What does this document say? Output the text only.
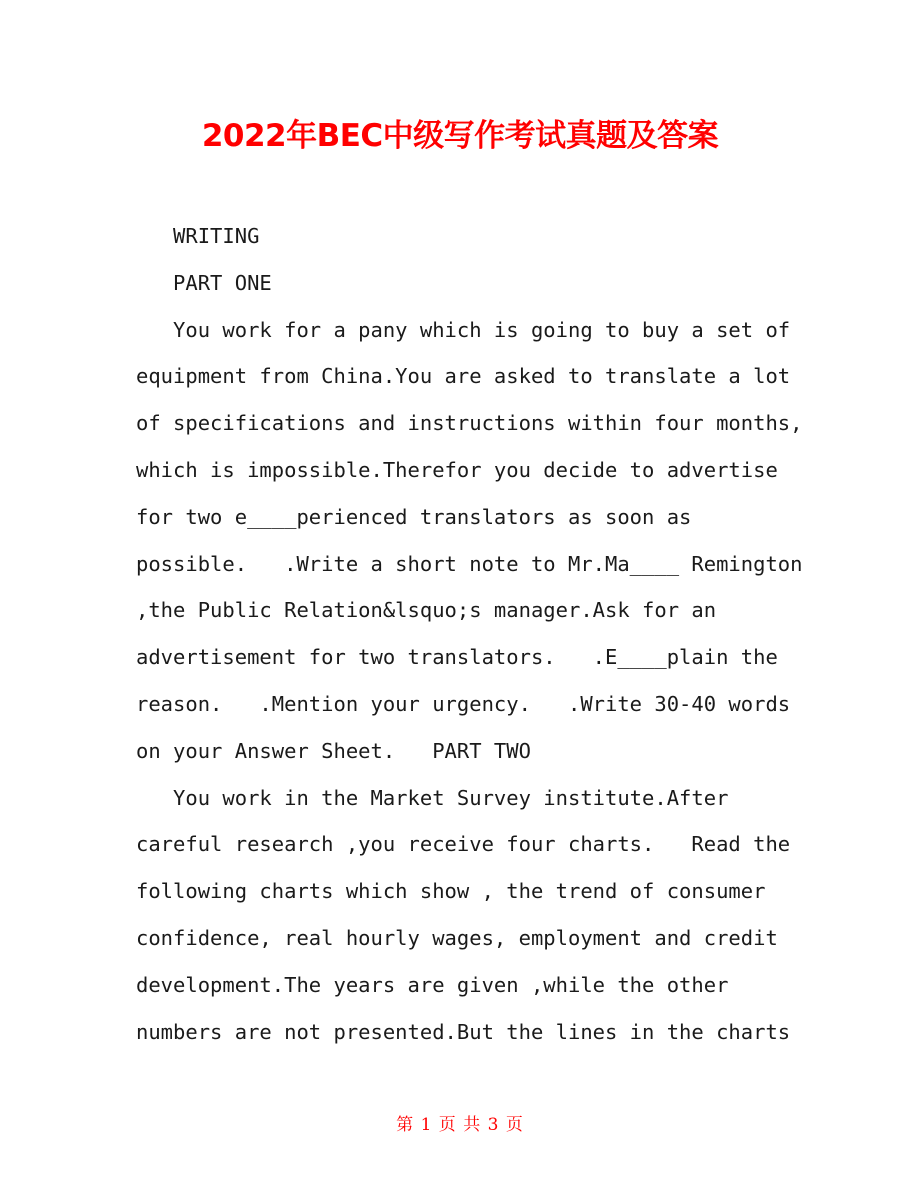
2022年BEC中级写作考试真题及答案
WRITING
PART ONE
You work for a pany which is going to buy a set of
equipment from China.You are asked to translate a lot
of specifications and instructions within four months,
which is impossible.Therefor you decide to advertise
for two e____perienced translators as soon as
possible.   .Write a short note to Mr.Ma____ Remington
,the Public Relation&lsquo;s manager.Ask for an
advertisement for two translators.   .E____plain the
reason.   .Mention your urgency.   .Write 30-40 words
on your Answer Sheet.   PART TWO
You work in the Market Survey institute.After
careful research ,you receive four charts.   Read the
following charts which show , the trend of consumer
confidence, real hourly wages, employment and credit
development.The years are given ,while the other
numbers are not presented.But the lines in the charts
第 1 页 共 3 页
